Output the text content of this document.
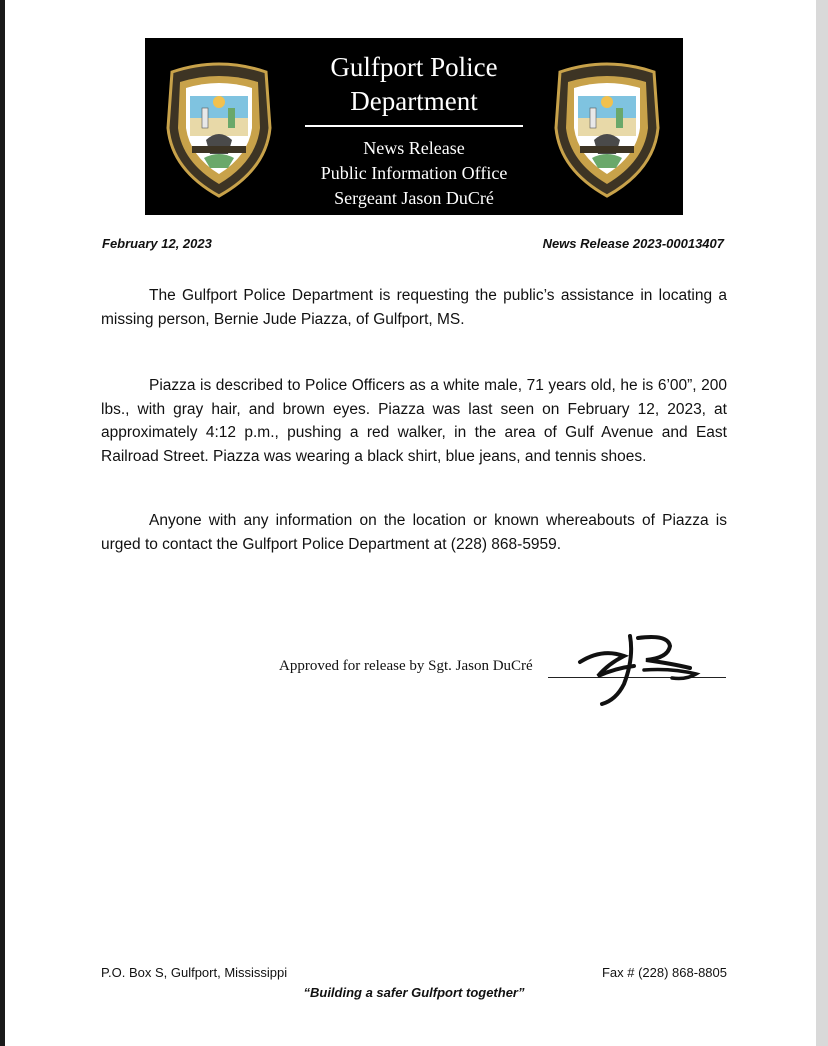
Gulfport Police
Department
News Release
Public Information Office
Sergeant Jason DuCré
February 12, 2023	News Release 2023-00013407

The Gulfport Police Department is requesting the public’s assistance in locating a missing person, Bernie Jude Piazza, of Gulfport, MS.

Piazza is described to Police Officers as a white male, 71 years old, he is 6’00”, 200 lbs., with gray hair, and brown eyes. Piazza was last seen on February 12, 2023, at approximately 4:12 p.m., pushing a red walker, in the area of Gulf Avenue and East Railroad Street. Piazza was wearing a black shirt, blue jeans, and tennis shoes.

Anyone with any information on the location or known whereabouts of Piazza is urged to contact the Gulfport Police Department at (228) 868-5959.

Approved for release by Sgt. Jason DuCré
P.O. Box S, Gulfport, Mississippi	Fax # (228) 868-8805
“Building a safer Gulfport together”
